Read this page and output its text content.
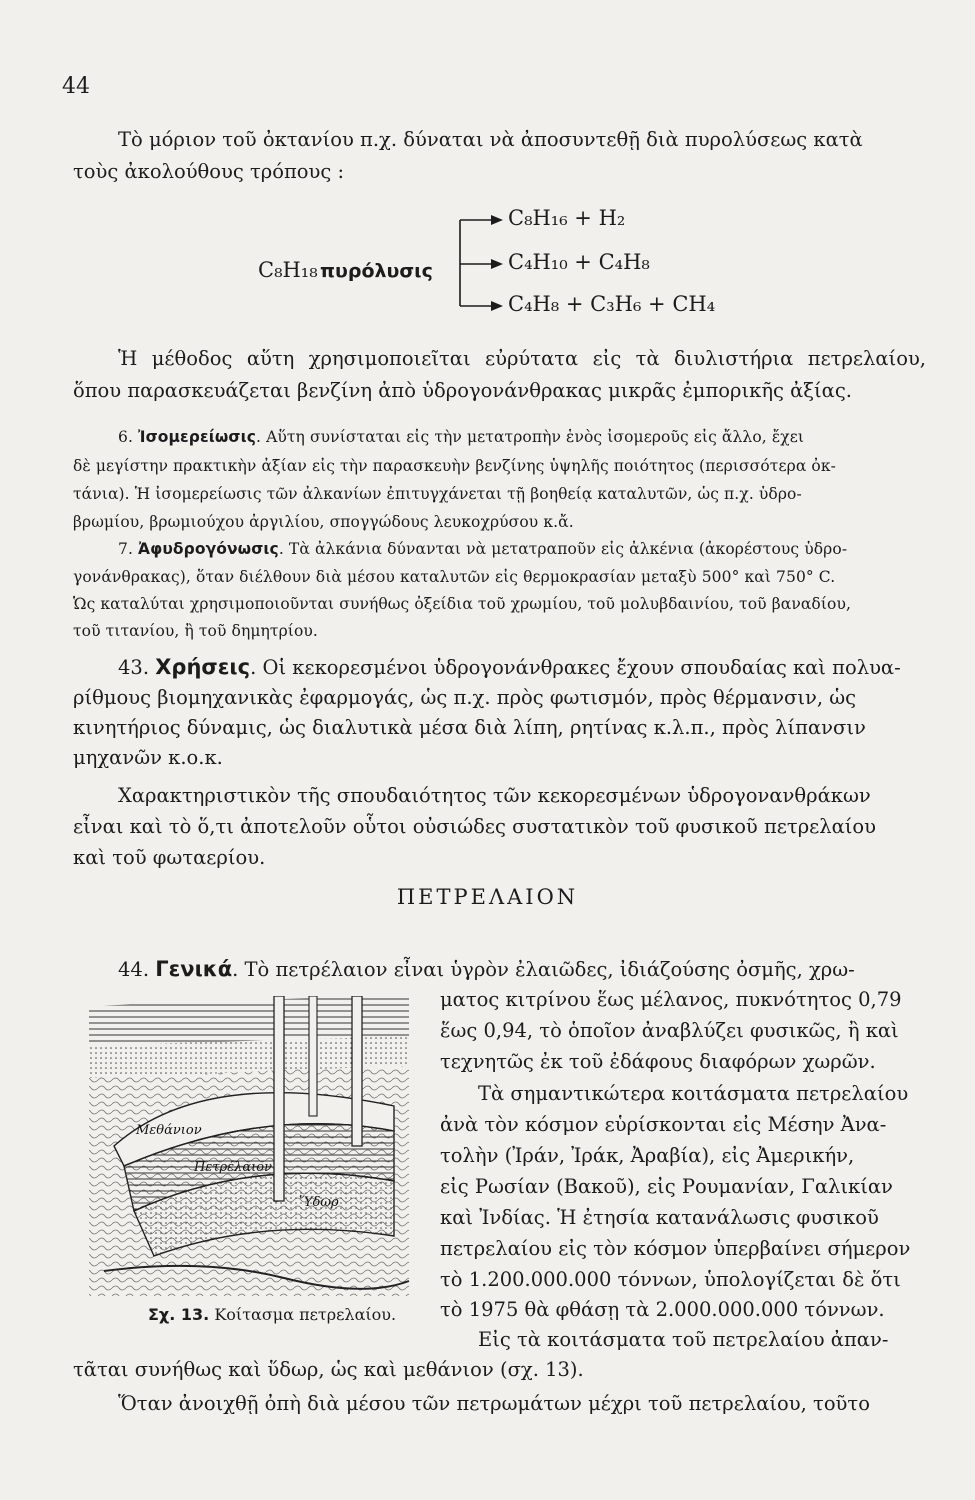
44
Τὸ μόριον τοῦ ὀκτανίου π.χ. δύναται νὰ ἀποσυντεθῇ διὰ πυρολύσεως κατὰ
τοὺς ἀκολούθους τρόπους :
C₈H₁₈ πυρόλυσις
C₈H₁₆ + H₂
C₄H₁₀ + C₄H₈
C₄H₈ + C₃H₆ + CH₄
Ἡ μέθοδος αὕτη χρησιμοποιεῖται εὐρύτατα εἰς τὰ διυλιστήρια πετρελαίου,
ὅπου παρασκευάζεται βενζίνη ἀπὸ ὑδρογονάνθρακας μικρᾶς ἐμπορικῆς ἀξίας.
6. Ἰσομερείωσις. Αὕτη συνίσταται εἰς τὴν μετατροπὴν ἑνὸς ἰσομεροῦς εἰς ἄλλο, ἔχει
δὲ μεγίστην πρακτικὴν ἀξίαν εἰς τὴν παρασκευὴν βενζίνης ὑψηλῆς ποιότητος (περισσότερα ὀκ-
τάνια). Ἡ ἰσομερείωσις τῶν ἀλκανίων ἐπιτυγχάνεται τῇ βοηθείᾳ καταλυτῶν, ὡς π.χ. ὑδρο-
βρωμίου, βρωμιούχου ἀργιλίου, σπογγώδους λευκοχρύσου κ.ἄ.
7. Ἀφυδρογόνωσις. Τὰ ἀλκάνια δύνανται νὰ μετατραποῦν εἰς ἀλκένια (ἀκορέστους ὑδρο-
γονάνθρακας), ὅταν διέλθουν διὰ μέσου καταλυτῶν εἰς θερμοκρασίαν μεταξὺ 500° καὶ 750° C.
Ὡς καταλύται χρησιμοποιοῦνται συνήθως ὀξείδια τοῦ χρωμίου, τοῦ μολυβδαινίου, τοῦ βαναδίου,
τοῦ τιτανίου, ἢ τοῦ δημητρίου.
43. Χρήσεις. Οἱ κεκορεσμένοι ὑδρογονάνθρακες ἔχουν σπουδαίας καὶ πολυα-
ρίθμους βιομηχανικὰς ἐφαρμογάς, ὡς π.χ. πρὸς φωτισμόν, πρὸς θέρμανσιν, ὡς
κινητήριος δύναμις, ὡς διαλυτικὰ μέσα διὰ λίπη, ρητίνας κ.λ.π., πρὸς λίπανσιν
μηχανῶν κ.ο.κ.
Χαρακτηριστικὸν τῆς σπουδαιότητος τῶν κεκορεσμένων ὑδρογονανθράκων
εἶναι καὶ τὸ ὅ,τι ἀποτελοῦν οὗτοι οὐσιώδες συστατικὸν τοῦ φυσικοῦ πετρελαίου
καὶ τοῦ φωταερίου.
ΠΕΤΡΕΛΑΙΟΝ
44. Γενικά. Τὸ πετρέλαιον εἶναι ὑγρὸν ἐλαιῶδες, ἰδιάζούσης ὀσμῆς, χρω-
ματος κιτρίνου ἕως μέλανος, πυκνότητος 0,79
ἕως 0,94, τὸ ὁποῖον ἀναβλύζει φυσικῶς, ἢ καὶ
τεχνητῶς ἐκ τοῦ ἐδάφους διαφόρων χωρῶν.
Τὰ σημαντικώτερα κοιτάσματα πετρελαίου
ἀνὰ τὸν κόσμον εὑρίσκονται εἰς Μέσην Ἀνα-
τολὴν (Ἰράν, Ἰράκ, Ἀραβία), εἰς Ἀμερικήν,
εἰς Ρωσίαν (Βακοῦ), εἰς Ρουμανίαν, Γαλικίαν
καὶ Ἰνδίας. Ἡ ἐτησία κατανάλωσις φυσικοῦ
πετρελαίου εἰς τὸν κόσμον ὑπερβαίνει σήμερον
τὸ 1.200.000.000 τόννων, ὑπολογίζεται δὲ ὅτι
τὸ 1975 θὰ φθάσῃ τὰ 2.000.000.000 τόννων.
Εἰς τὰ κοιτάσματα τοῦ πετρελαίου ἀπαν-
τᾶται συνήθως καὶ ὕδωρ, ὡς καὶ μεθάνιον (σχ. 13).
Ὅταν ἀνοιχθῇ ὀπὴ διὰ μέσου τῶν πετρωμάτων μέχρι τοῦ πετρελαίου, τοῦτο
Μεθάνιον
Πετρέλαιον
Ὕδωρ
Σχ. 13. Κοίτασμα πετρελαίου.
